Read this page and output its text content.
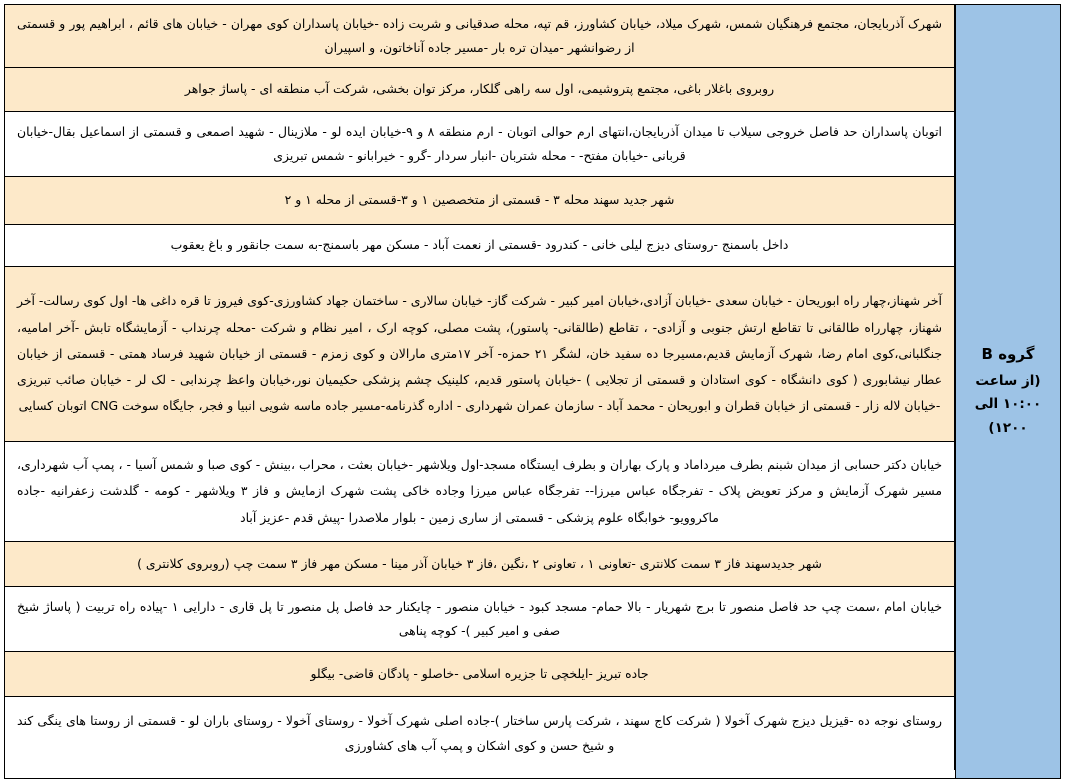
شهرک آذربایجان، مجتمع فرهنگیان شمس، شهرک میلاد، خیابان کشاورز، قم تپه، محله صدقیانی و شربت زاده -خیابان پاسداران کوی مهران - خیابان های قائم ، ابراهیم پور و قسمتی از رضوانشهر -میدان تره بار -مسیر جاده آناخاتون، و اسپیران
روبروی باغلار باغی، مجتمع پتروشیمی، اول سه راهی گلکار، مرکز توان بخشی، شرکت آب منطقه ای - پاساژ جواهر
اتوبان پاسداران حد فاصل خروجی سیلاب تا میدان آذربایجان،انتهای ارم حوالی اتوبان - ارم منطقه ۸ و ۹-خیابان ایده لو - ملازینال - شهید اصمعی و قسمتی از اسماعیل بقال-خیابان قربانی -خیابان مفتح- - محله شتربان -انبار سردار -گرو - خیرابانو - شمس تبریزی
شهر جدید سهند محله ۳ - قسمتی از متخصصین ۱ و ۳-قسمتی از محله ۱ و ۲
داخل باسمنج -روستای دیزج لیلی خانی - کندرود -قسمتی از نعمت آباد - مسکن مهر باسمنج-به سمت جانقور و باغ یعقوب
آخر شهناز،چهار راه ابوریحان - خیابان سعدی -خیابان آزادی،خیابان امیر کبیر - شرکت گاز- خیابان سالاری - ساختمان جهاد کشاورزی-کوی فیروز تا قره داغی ها- اول کوی رسالت- آخر شهناز، چهارراه طالقانی تا تقاطع ارتش جنوبی و آزادی- ، تقاطع (طالقانی- پاستور)، پشت مصلی، کوچه ارک ، امیر نظام و شرکت -محله چرنداب - آزمایشگاه تابش -آخر امامیه، جنگلبانی،کوی امام رضا، شهرک آزمایش قدیم،مسیرجا ده سفید خان، لشگر ۲۱ حمزه- آخر ۱۷متری مارالان و کوی زمزم - قسمتی از خیابان شهید فرساد همتی - قسمتی از خیابان عطار نیشابوری ( کوی دانشگاه - کوی استادان و قسمتی از تجلایی ) -خیابان پاستور قدیم، کلینیک چشم پزشکی حکیمیان نور،خیابان واعظ چرندابی - لک لر - خیابان صائب تبریزی -خیابان لاله زار - قسمتی از خیابان قطران و ابوریحان - محمد آباد - سازمان عمران شهرداری - اداره گذرنامه-مسیر جاده ماسه شویی انبیا و فجر، جایگاه سوخت CNG اتوبان کسایی
خیابان دکتر حسابی از میدان شبنم بطرف میرداماد و پارک بهاران و بطرف ایستگاه مسجد-اول ویلاشهر -خیابان بعثت ، محراب ،بینش - کوی صبا و شمس آسیا - ، پمپ آب شهرداری، مسیر شهرک آزمایش و مرکز تعویض پلاک - تفرجگاه عباس میرزا-- تفرجگاه عباس میرزا وجاده خاکی پشت شهرک ازمایش و فاز ۳ ویلاشهر - کومه - گلدشت زعفرانیه -جاده ماکروویو- خوابگاه علوم پزشکی - قسمتی از ساری زمین - بلوار ملاصدرا -پیش قدم -عزیز آباد
شهر جدیدسهند فاز ۳ سمت کلانتری -تعاونی ۱ ، تعاونی ۲ ،نگین ،فاز ۳ خیابان آذر مینا - مسکن مهر فاز ۳ سمت چپ (روبروی کلانتری )
خیابان امام ،سمت چپ حد فاصل منصور تا برج شهریار - بالا حمام- مسجد کبود - خیابان منصور - چایکنار حد فاصل پل منصور تا پل قاری - دارایی ۱ -پیاده راه تربیت ( پاساژ شیخ صفی و امیر کبیر )- کوچه پناهی
جاده تبریز -ایلخچی تا جزیره اسلامی -خاصلو - پادگان قاضی- بیگلو
روستای نوجه ده -قیزیل دیزج شهرک آخولا ( شرکت کاج سهند ، شرکت پارس ساختار )-جاده اصلی شهرک آخولا - روستای آخولا - روستای باران لو - قسمتی از روستا های ینگی کند و شیخ حسن و کوی اشکان و پمپ آب های کشاورزی
گروه B
(از ساعت ۱۰:۰۰ الی ۱۲۰۰)
